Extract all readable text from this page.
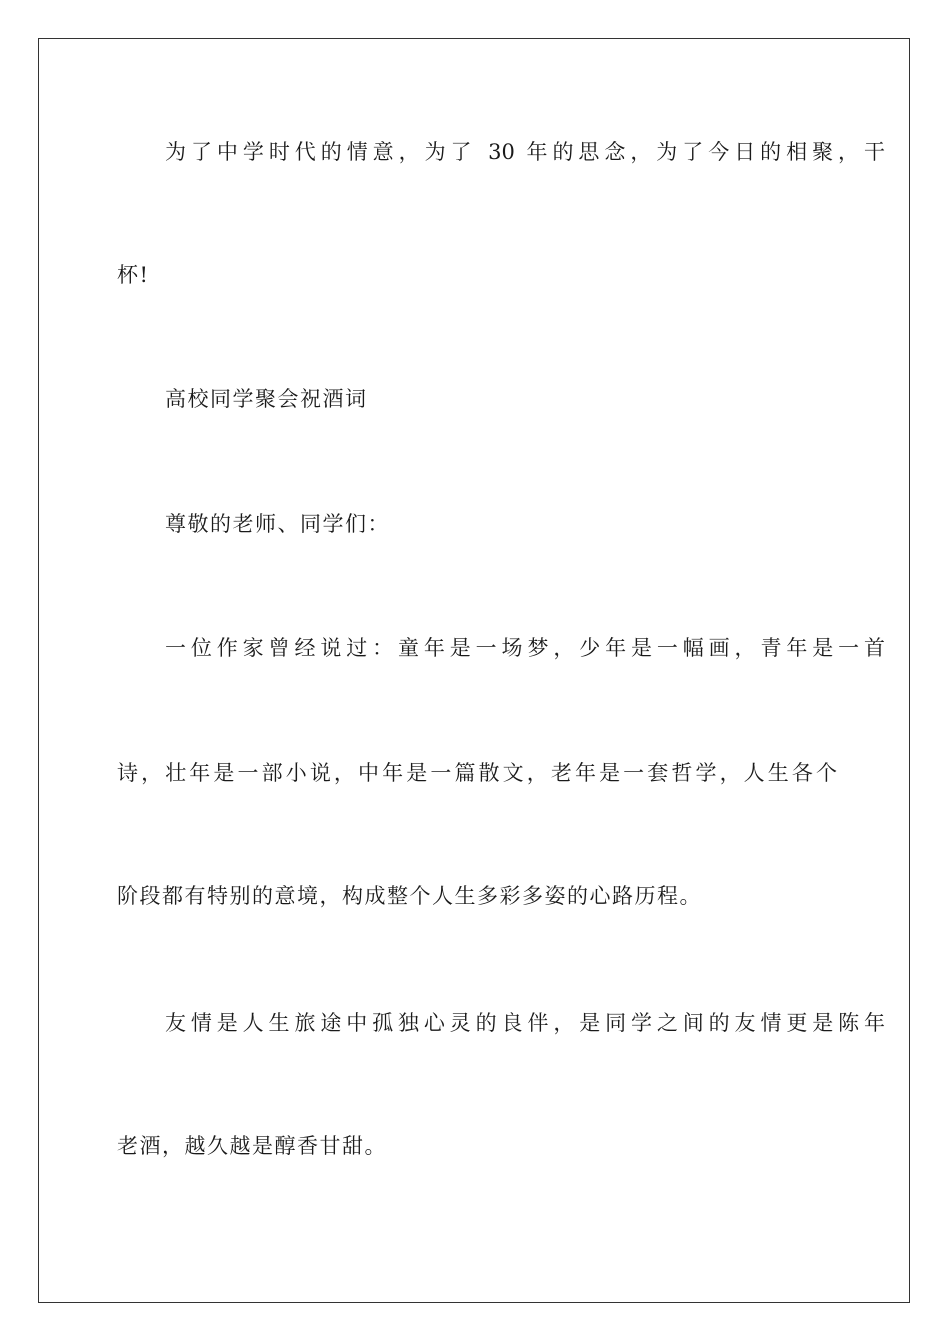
为了中学时代的情意，为了 30 年的思念，为了今日的相聚，干

杯!

高校同学聚会祝酒词

尊敬的老师、同学们：

一位作家曾经说过：童年是一场梦，少年是一幅画，青年是一首

诗，壮年是一部小说，中年是一篇散文，老年是一套哲学，人生各个

阶段都有特别的意境，构成整个人生多彩多姿的心路历程。

友情是人生旅途中孤独心灵的良伴，是同学之间的友情更是陈年

老酒，越久越是醇香甘甜。
